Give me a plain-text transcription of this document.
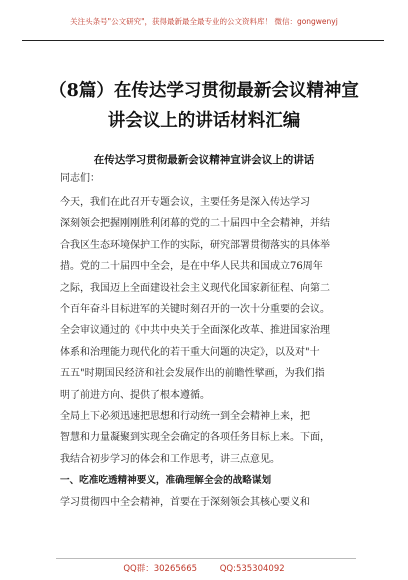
关注头条号"公文研究"，获得最新最全最专业的公文资料库！ 微信：gongwenyj
（8篇）在传达学习贯彻最新会议精神宣
讲会议上的讲话材料汇编
在传达学习贯彻最新会议精神宣讲会议上的讲话
同志们：
今天，我们在此召开专题会议，主要任务是深入传达学习
深刻领会把握刚刚胜利闭幕的党的二十届四中全会精神，并结
合我区生态环境保护工作的实际，研究部署贯彻落实的具体举
措。党的二十届四中全会，是在中华人民共和国成立76周年
之际，我国迈上全面建设社会主义现代化国家新征程、向第二
个百年奋斗目标进军的关键时刻召开的一次十分重要的会议。
全会审议通过的《中共中央关于全面深化改革、推进国家治理
体系和治理能力现代化的若干重大问题的决定》，以及对"十
五五"时期国民经济和社会发展作出的前瞻性擘画，为我们指
明了前进方向、提供了根本遵循。
全局上下必须迅速把思想和行动统一到全会精神上来，把
智慧和力量凝聚到实现全会确定的各项任务目标上来。下面，
我结合初步学习的体会和工作思考，讲三点意见。
一、吃准吃透精神要义，准确理解全会的战略谋划
学习贯彻四中全会精神，首要在于深刻领会其核心要义和
QQ群：30265665	QQ:535304092
